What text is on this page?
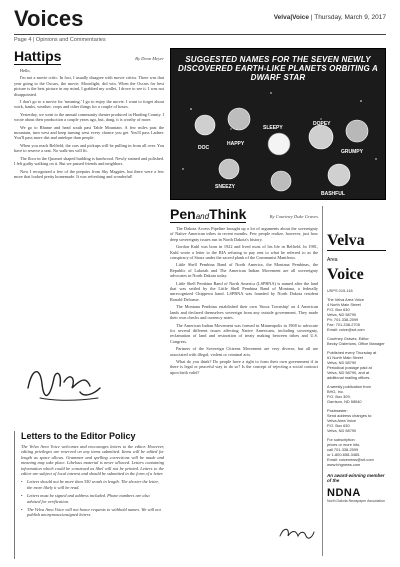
Voices	Velva|Voice | Thursday, March 9, 2017
Page 4 | Opinions and Commentaries
Hattips	By Dean Meyer

Hello,

I'm not a movie critic. In fact, I usually disagree with movie critics. There was that year going to the Oscars, the movie, Moonlight, did win. When the Oscars for best picture is the best picture in my mind, I grabbed my wallet, I drove to see it. I was not disappointed.

I don't go to a movie for 'meaning.' I go to enjoy the movie. I want to forget about work, banks, weather, crops and other things for a couple of hours.

Yesterday, we went to the annual community theater produced in Harding County. I wrote about their production a couple years ago, but, dang, it is worthy of more.

We go to Rhame and head south past Table Mountain. A few miles past the mountain, turn west and keep turning west every chance you get. You'll pass Ladner. You'll pass more dirt and antelope than people.

When you reach Belfield, the cars and pickups will be pulling in from all over. You have to reserve a seat. No walk-ins will fit.

The floor in the Quonset shaped building is hardwood. Newly stained and polished. I felt guilty walking on it. But we passed friends and neighbors.

Now I recognized a few of the prepairs from Sky Magpies, but there were a few more that looked pretty homemade. It was refreshing and wonderful!

Letters to the Editor Policy
The Velva Area Voice welcomes and encourages letters to the editor. However, editing privileges are reserved on any items submitted. Items will be edited for length as space allows. Grammar and spelling corrections will be made and meaning may take place. Libelous material is never allowed. Letters containing information which could be construed as libel will not be printed. Letters to the editor are subject of local interest and should be submitted in the form of a letter.
• Letters should not be more than 350 words in length. The shorter the letter, the more likely it will be read.
• Letters must be signed and address included. Phone numbers are also advised for verification.
• The Velva Area Voice will not honor requests to withhold names. We will not publish anonymous/unsigned letters.
SUGGESTED NAMES FOR THE SEVEN NEWLY DISCOVERED EARTH-LIKE PLANETS ORBITING A DWARF STAR
DOC
HAPPY
SLEEPY
DOPEY
SNEEZY
GRUMPY
BASHFUL
PenandThink	By Courtney Duke Graves

The Dakota Access Pipeline brought up a lot of arguments about the sovereignty of Native American tribes in recent months. Few people realize, however, just how deep sovereignty issues run in North Dakota's history.

Gordon Kuhl was born in 1922 and lived most of his life in Belfield. In 1981, Kuhl wrote a letter to the BIA refusing to pay rent to what he referred to as the conspiracy of Sioux under the sacred plank of the Communist Manifesto.

Little Shell Pembina Band of North America, the Montana Pembinas, the Republic of Lakotah and The American Indian Movement are all sovereignty advocates in North Dakota today.

Little Shell Pembina Band of North America (LSPBNA) is named after the land that was settled by the Little Shell Pembina Band of Montana, a federally unrecognized Chippewa band. LSPBNA was founded by North Dakota resident Ronald Delorme.

The Montana Pembina established their own 'Sioux Township' on 4 American lands and declared themselves sovereign from any outside government. They made their own checks and currency notes.

The American Indian Movement was formed in Minneapolis in 1968 to advocate for several different issues affecting Native Americans, including sovereignty, reclamation of land and restoration of treaty making between tribes and U.S. Congress.

Partners of the Sovereign Citizens Movement are very diverse, but all are associated with illegal, violent or criminal acts.

What do you think? Do people have a right to form their own government if in there is legal or peaceful way to do so? Is the concept of rejecting a social contract upon birth valid?

Velva
Area
Voice
USPS 019-116
The Velva Area Voice
4 North Main Street
P.O. Box 630
Velva, ND 58790
Ph: 701-338-2599
Fax: 701-338-2705
Email: voice@srt.com
Courtney Graves, Editor
Becky Cisterions, Office Manager
Published every Thursday at
#1 North Main Street
Velva, ND 58790
Periodical postage paid at
Velva, ND 58790, and at
additional mailing offices.
A weekly publication from
BHG, Inc.
P.O. Box 309,
Garrison, ND 58540
Postmaster:
Send address changes to:
Velva Area Voice
P.O. Box 630
Velva, ND 58790
For subscription
prices or more info,
call 701-338-2599
or 1-800-658-3485.
Email: voicenews@srt.com
www.bhgnews.com
An award-winning member of the
NDNA
North Dakota Newspaper Association
